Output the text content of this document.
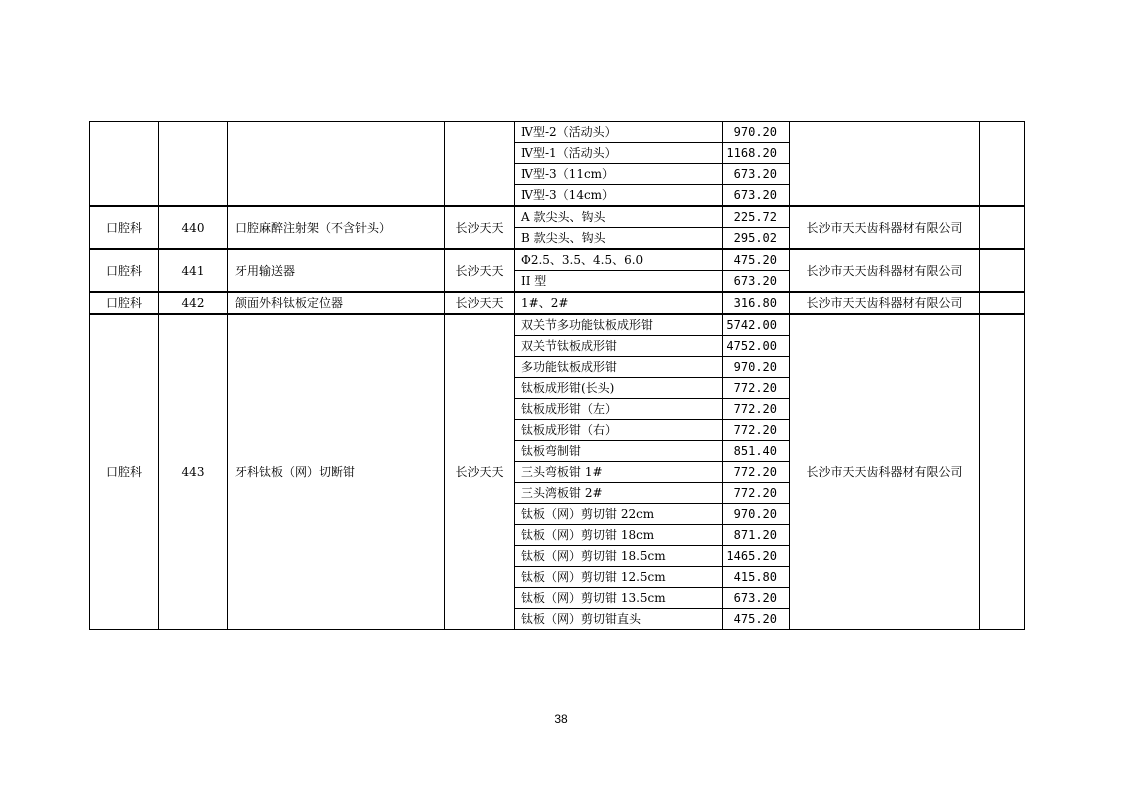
				Ⅳ型-2（活动头）	970.20		
				Ⅳ型-1（活动头）	1168.20		
				Ⅳ型-3（11cm）	673.20		
				Ⅳ型-3（14cm）	673.20		
口腔科	440	口腔麻醉注射架（不含针头）	长沙天天	A 款尖头、钩头	225.72	长沙市天天齿科器材有限公司	
				B 款尖头、钩头	295.02		
口腔科	441	牙用输送器	长沙天天	Φ2.5、3.5、4.5、6.0	475.20	长沙市天天齿科器材有限公司	
				II 型	673.20		
口腔科	442	颌面外科钛板定位器	长沙天天	1#、2#	316.80	长沙市天天齿科器材有限公司	
口腔科	443	牙科钛板（网）切断钳	长沙天天	双关节多功能钛板成形钳	5742.00	长沙市天天齿科器材有限公司	
				双关节钛板成形钳	4752.00		
				多功能钛板成形钳	970.20		
				钛板成形钳(长头)	772.20		
				钛板成形钳（左）	772.20		
				钛板成形钳（右）	772.20		
				钛板弯制钳	851.40		
				三头弯板钳 1#	772.20		
				三头湾板钳 2#	772.20		
				钛板（网）剪切钳 22cm	970.20		
				钛板（网）剪切钳 18cm	871.20		
				钛板（网）剪切钳 18.5cm	1465.20		
				钛板（网）剪切钳 12.5cm	415.80		
				钛板（网）剪切钳 13.5cm	673.20		
				钛板（网）剪切钳直头	475.20		
38
